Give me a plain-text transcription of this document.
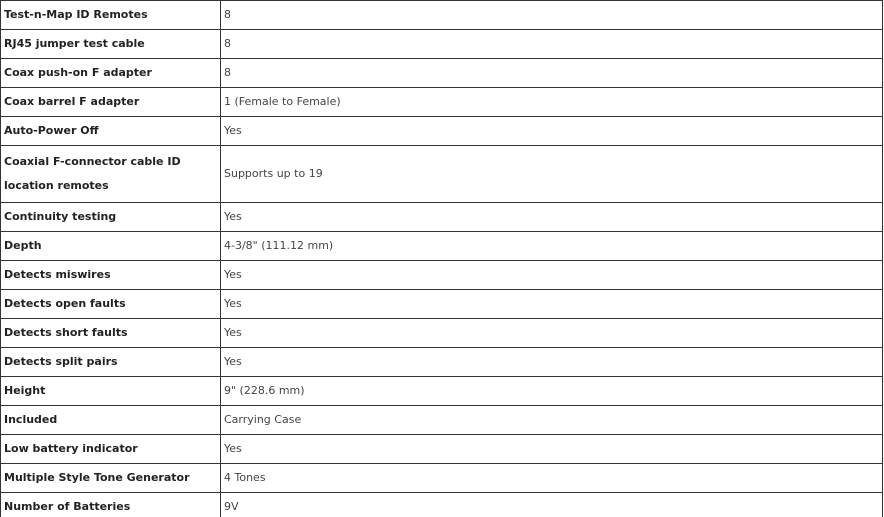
Test-n-Map ID Remotes	8
RJ45 jumper test cable	8
Coax push-on F adapter	8
Coax barrel F adapter	1 (Female to Female)
Auto-Power Off	Yes
Coaxial F-connector cable ID location remotes	Supports up to 19
Continuity testing	Yes
Depth	4-3/8" (111.12 mm)
Detects miswires	Yes
Detects open faults	Yes
Detects short faults	Yes
Detects split pairs	Yes
Height	9" (228.6 mm)
Included	Carrying Case
Low battery indicator	Yes
Multiple Style Tone Generator	4 Tones
Number of Batteries	9V
